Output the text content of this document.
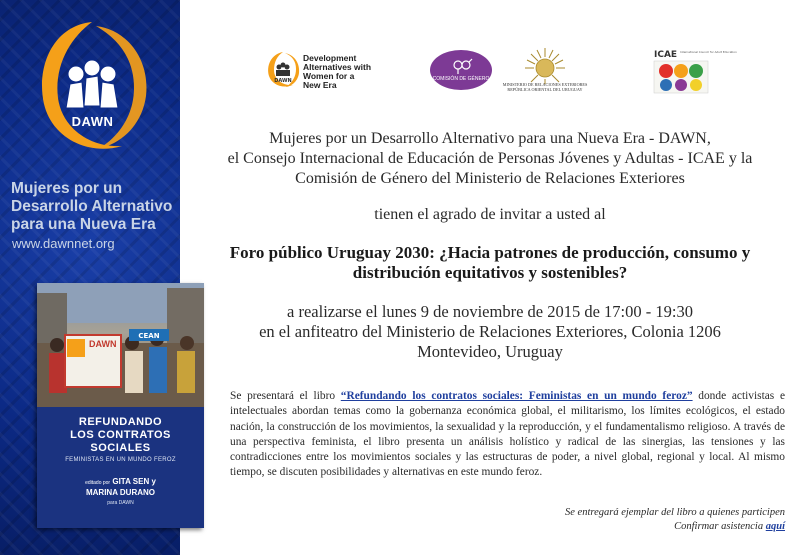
DAWN
Mujeres por un
Desarrollo Alternativo
para una Nueva Era
www.dawnnet.org
CEAN
DAWN
REFUNDANDO
LOS CONTRATOS
SOCIALES
FEMINISTAS EN UN MUNDO FEROZ
editado por GITA SEN y
MARINA DURANO
para DAWN
DAWN
Development
Alternatives with
Women for a
New Era
COMISIÓN DE GÉNERO
MINISTERIO DE RELACIONES EXTERIORES
REPÚBLICA ORIENTAL DEL URUGUAY
ICAE International Council for Adult Education
Mujeres por un Desarrollo Alternativo para una Nueva Era - DAWN,
el Consejo Internacional de Educación de Personas Jóvenes y Adultas - ICAE y la
Comisión de Género del Ministerio de Relaciones Exteriores
tienen el agrado de invitar a usted al
Foro público Uruguay 2030: ¿Hacia patrones de producción, consumo y
distribución equitativos y sostenibles?
a realizarse el lunes 9 de noviembre de 2015 de 17:00 - 19:30
en el anfiteatro del Ministerio de Relaciones Exteriores, Colonia 1206
Montevideo, Uruguay
Se presentará el libro “Refundando los contratos sociales: Feministas en un mundo feroz” donde activistas e intelectuales abordan temas como la gobernanza económica global, el militarismo, los límites ecológicos, el estado nación, la construcción de los movimientos, la sexualidad y la reproducción, y el fundamentalismo religioso. A través de una perspectiva feminista, el libro presenta un análisis holístico y radical de las sinergias, las tensiones y las contradicciones entre los movimientos sociales y las estructuras de poder, a nivel global, regional y local. Al mismo tiempo, se discuten posibilidades y alternativas en este mundo feroz.
Se entregará ejemplar del libro a quienes participen
Confirmar asistencia aquí
